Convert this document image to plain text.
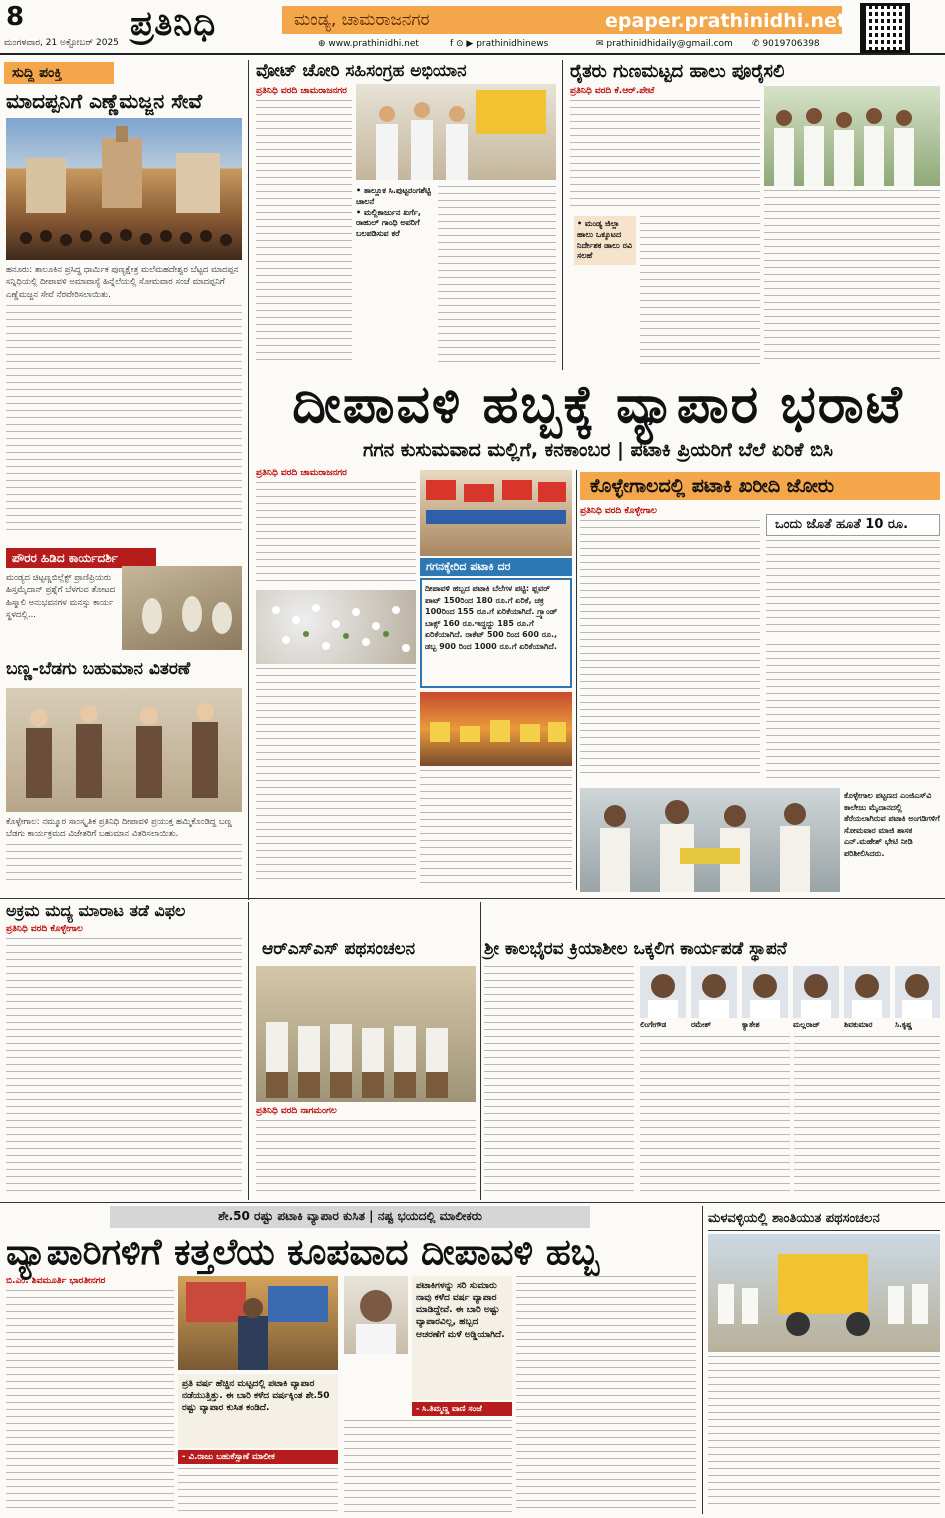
8
ಮಂಗಳವಾರ, 21 ಅಕ್ಟೋಬರ್ 2025 ಪ್ರತಿನಿಧಿ	ಮಂಡ್ಯ, ಚಾಮರಾಜನಗರ	epaper.prathinidhi.net
⊕ www.prathinidhi.net	f ⊙ ▶ prathinidhinews	✉ prathinidhidaily@gmail.com ✆ 9019706398
ಸುದ್ದಿ ಪಂಕ್ತಿ
ಮಾದಪ್ಪನಿಗೆ ಎಣ್ಣೆಮಜ್ಜನ ಸೇವೆ
ಹನೂರು: ತಾಲೂಕಿನ ಪ್ರಸಿದ್ಧ ಧಾರ್ಮಿಕ ಪುಣ್ಯಕ್ಷೇತ್ರ ಮಲೆಮಹದೇಶ್ವರ ಬೆಟ್ಟದ ಮಾದಪ್ಪನ ಸನ್ನಿಧಿಯಲ್ಲಿ ದೀಪಾವಳಿ ಅಮಾವಾಸ್ಯೆ ಹಿನ್ನೆಲೆಯಲ್ಲಿ ಸೋಮವಾರ ಸಂಜೆ ಮಾದಪ್ಪನಿಗೆ ಎಣ್ಣೆಮಜ್ಜನ ಸೇವೆ ನೆರವೇರಿಸಲಾಯಿತು.
ಪೌರರ ಹಿಡಿದ ಕಾರ್ಯದರ್ಶಿ
ಮಂಡ್ಯದ ಚಿಟ್ಟಣ್ಣಬಿಲ್ಲೆಕ್ಟ್ ಪ್ರಾಣಿಪ್ರಿಯರು ಹಿಸ್ತಮೈದಾನ್ ಪ್ರಶ್ನೆಗೆ ಬೆಳಗುವ ತೋಟದ ಹಿಸ್ಮಾಲಿ ಅನುಭವನಗಳ ಮನಸ್ಸು ಕಾರ್ಯ ಸ್ಥಳದಲ್ಲಿ...
ಬಣ್ಣ-ಬೆಡಗು ಬಹುಮಾನ ವಿತರಣೆ
ಕೊಳ್ಳೇಗಾಲ: ನಮ್ಮೂರ ಸಾಂಸ್ಕೃತಿಕ ಪ್ರತಿನಿಧಿ ದೀಪಾವಳಿ ಪ್ರಯುಕ್ತ ಹಮ್ಮಿಕೊಂಡಿದ್ದ ಬಣ್ಣ ಬೆಡಗು ಕಾರ್ಯಕ್ರಮದ ವಿಜೇತರಿಗೆ ಬಹುಮಾನ ವಿತರಿಸಲಾಯಿತು.
ವೋಟ್ ಚೋರಿ ಸಹಿಸಂಗ್ರಹ ಅಭಿಯಾನ
ಪ್ರತಿನಿಧಿ ವರದಿ ಚಾಮರಾಜನಗರ
• ತಾಲ್ಲೂಕ ಸಿ.ಪುಟ್ಟರಂಗಶೆಟ್ಟಿ ಚಾಲನೆ
• ಮಲ್ಲಿಕಾರ್ಜುನ ಖರ್ಗೆ, ರಾಹುಲ್ ಗಾಂಧಿ ಅವರಿಗೆ ಬಲಪಡಿಸುವ ಕರೆ
ರೈತರು ಗುಣಮಟ್ಟದ ಹಾಲು ಪೂರೈಸಲಿ
ಪ್ರತಿನಿಧಿ ವರದಿ ಕೆ.ಆರ್.ಪೇಟೆ
• ಮಂಡ್ಯ ಜಿಲ್ಲಾ ಹಾಲು ಒಕ್ಕೂಟದ ನಿರ್ದೇಶಕ ಡಾಲು ರವಿ ಸಲಹೆ
ದೀಪಾವಳಿ ಹಬ್ಬಕ್ಕೆ ವ್ಯಾಪಾರ ಭರಾಟೆ
ಗಗನ ಕುಸುಮವಾದ ಮಲ್ಲಿಗೆ, ಕನಕಾಂಬರ | ಪಟಾಕಿ ಪ್ರಿಯರಿಗೆ ಬೆಲೆ ಏರಿಕೆ ಬಿಸಿ
ಪ್ರತಿನಿಧಿ ವರದಿ ಚಾಮರಾಜನಗರ
ಗಗನಕ್ಕೇರಿದ ಪಟಾಕಿ ದರ
ದೀಪಾವಳಿ ಹಬ್ಬದ ಪಟಾಕಿ ಬೆಲೆಗಳ ಪಟ್ಟಿ: ಫ್ಲವರ್ ಪಾಟ್ 150ರಿಂದ 180 ರೂ.ಗೆ ಏರಿಕೆ, ಚಕ್ರ 100ರಿಂದ 155 ರೂ.ಗೆ ಏರಿಕೆಯಾಗಿದೆ. ಗ್ರ್ಯಾಂಡ್ ಬಾಕ್ಸ್ 160 ರೂ.ಇದ್ದದ್ದು 185 ರೂ.ಗೆ ಏರಿಕೆಯಾಗಿದೆ. ರಾಕೆಟ್ 500 ರಿಂದ 600 ರೂ., ಡಬ್ಬ 900 ರಿಂದ 1000 ರೂ.ಗೆ ಏರಿಕೆಯಾಗಿದೆ.
ಕೊಳ್ಳೇಗಾಲದಲ್ಲಿ ಪಟಾಕಿ ಖರೀದಿ ಜೋರು
ಪ್ರತಿನಿಧಿ ವರದಿ ಕೊಳ್ಳೇಗಾಲ
ಒಂದು ಜೊತೆ ಹೂತೆ 10 ರೂ.
ಕೊಳ್ಳೇಗಾಲ ಪಟ್ಟಣದ ಎಂಜಿಎಸ್‌ವಿ ಕಾಲೇಜು ಮೈದಾನದಲ್ಲಿ ತೆರೆಯಲಾಗಿರುವ ಪಟಾಕಿ ಅಂಗಡಿಗಳಿಗೆ ಸೋಮವಾರ ಮಾಜಿ ಶಾಸಕ ಎನ್.ಮಹೇಶ್ ಭೇಟಿ ನೀಡಿ ಪರಿಶೀಲಿಸಿದರು.
ಅಕ್ರಮ ಮದ್ಯ ಮಾರಾಟ ತಡೆ ವಿಫಲ
ಪ್ರತಿನಿಧಿ ವರದಿ ಕೊಳ್ಳೇಗಾಲ
ಆರ್‌ಎಸ್‌ಎಸ್ ಪಥಸಂಚಲನ
ಪ್ರತಿನಿಧಿ ವರದಿ ನಾಗಮಂಗಲ
ಶ್ರೀ ಕಾಲಭೈರವ ಕ್ರಿಯಾಶೀಲ ಒಕ್ಕಲಿಗ ಕಾರ್ಯಪಡೆ ಸ್ಥಾಪನೆ
ಲಿಂಗೇಗೌಡ	ರಮೇಶ್	ಕ್ಯಾತೇಶ	ಮಲ್ಲರಾಜ್	ಶಿವಕುಮಾರ	ಸಿ.ಕೃಷ್ಣ
ಶೇ.50 ರಷ್ಟು ಪಟಾಕಿ ವ್ಯಾಪಾರ ಕುಸಿತ | ನಷ್ಟ ಭಯದಲ್ಲಿ ಮಾಲೀಕರು
ವ್ಯಾಪಾರಿಗಳಿಗೆ ಕತ್ತಲೆಯ ಕೂಪವಾದ ದೀಪಾವಳಿ ಹಬ್ಬ
ಬಿ.ಎಂ. ಶಿವಮೂರ್ತಿ ಭಾರತೀನಗರ
ಪ್ರತಿ ವರ್ಷ ಹೆಚ್ಚಿನ ಮಟ್ಟದಲ್ಲಿ ಪಟಾಕಿ ವ್ಯಾಪಾರ ನಡೆಯುತ್ತಿತ್ತು. ಈ ಬಾರಿ ಕಳೆದ ವರ್ಷಕ್ಕಿಂತ ಶೇ.50 ರಷ್ಟು ವ್ಯಾಪಾರ ಕುಸಿತ ಕಂಡಿದೆ.
- ವಿ.ರಾಜು ಬಹುಕೆಸ್ಸಾಣೆ ಮಾಲೀಕ
ಪಟಾಕಿಗಳನ್ನು ಸರಿ ಸುಮಾರು ನಾವು ಕಳೆದ ವರ್ಷ ವ್ಯಾಪಾರ ಮಾಡಿದ್ದೇವೆ. ಈ ಬಾರಿ ಅಷ್ಟು ವ್ಯಾಪಾರವಿಲ್ಲ, ಹಬ್ಬದ ಆಚರಣೆಗೆ ಮಳೆ ಅಡ್ಡಿಯಾಗಿದೆ.
- ಸಿ.ತಿಮ್ಮಣ್ಣ ವಾಣಿ ಸಂಜೆ
ಮಳವಳ್ಳಿಯಲ್ಲಿ ಶಾಂತಿಯುತ ಪಥಸಂಚಲನ
